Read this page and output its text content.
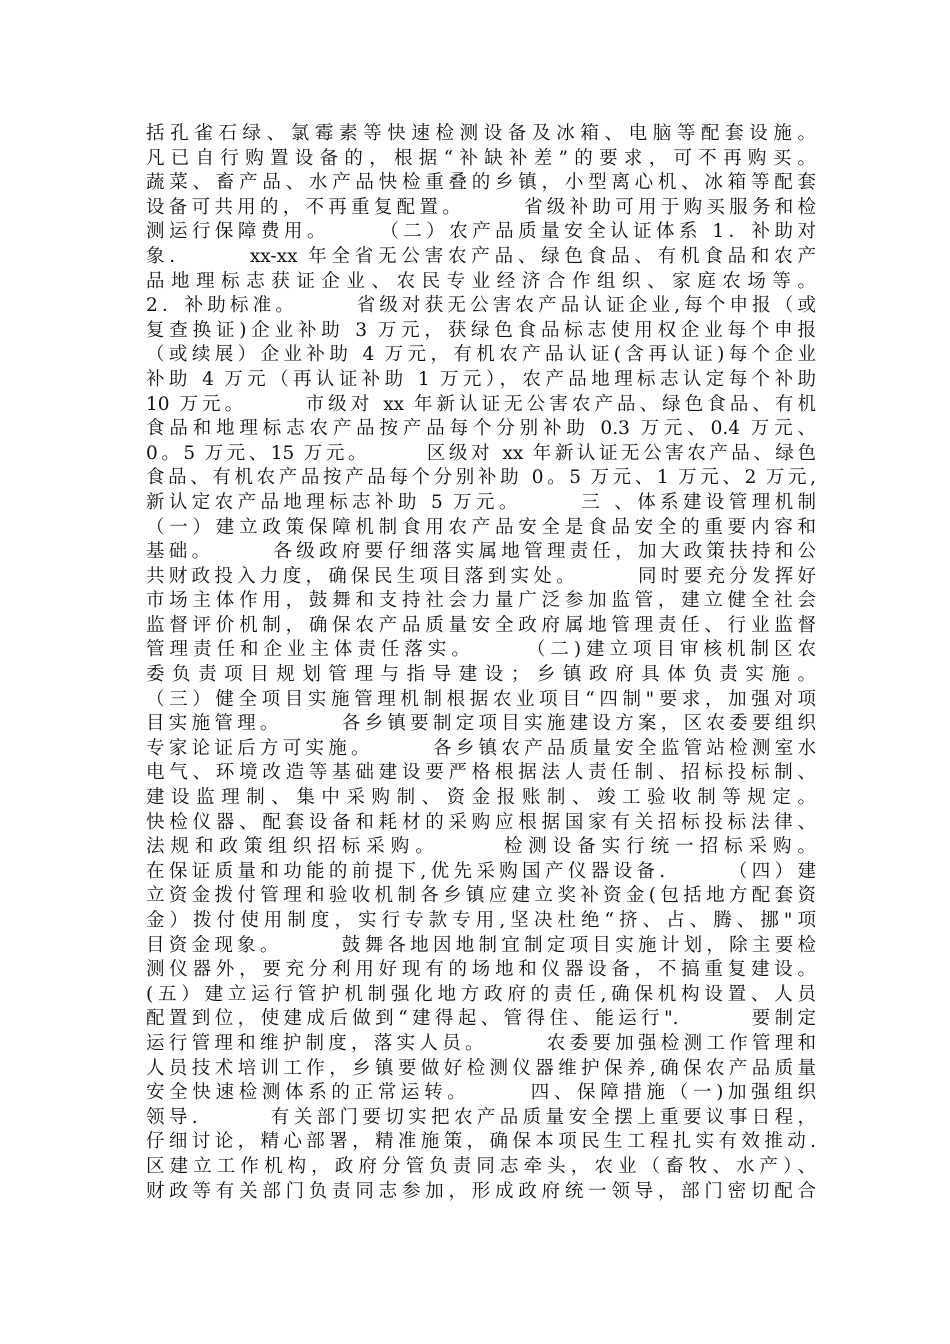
括孔雀石绿、氯霉素等快速检测设备及冰箱、电脑等配套设施。
凡已自行购置设备的，根据“补缺补差”的要求，可不再购买。
蔬菜、畜产品、水产品快检重叠的乡镇，小型离心机、冰箱等配套
设备可共用的，不再重复配置。　　　省级补助可用于购买服务和检
测运行保障费用。　　　（二）农产品质量安全认证体系 1．补助对
象.　　　xx-xx 年全省无公害农产品、绿色食品、有机食品和农产
品地理标志获证企业、农民专业经济合作组织、家庭农场等。
2．补助标准。　　　省级对获无公害农产品认证企业,每个申报（或
复查换证)企业补助 3 万元，获绿色食品标志使用权企业每个申报
（或续展）企业补助 4 万元，有机农产品认证(含再认证)每个企业
补助 4 万元（再认证补助 1 万元），农产品地理标志认定每个补助
10 万元。　　　市级对 xx 年新认证无公害农产品、绿色食品、有机
食品和地理标志农产品按产品每个分别补助 0.3 万元、0.4 万元、
0。5 万元、15 万元。　　　区级对 xx 年新认证无公害农产品、绿色
食品、有机农产品按产品每个分别补助 0。5 万元、1 万元、2 万元,
新认定农产品地理标志补助 5 万元。　　　三 、体系建设管理机制
（一）建立政策保障机制食用农产品安全是食品安全的重要内容和
基础。　　　各级政府要仔细落实属地管理责任，加大政策扶持和公
共财政投入力度，确保民生项目落到实处。　　　同时要充分发挥好
市场主体作用，鼓舞和支持社会力量广泛参加监管，建立健全社会
监督评价机制，确保农产品质量安全政府属地管理责任、行业监督
管理责任和企业主体责任落实。　　　（二)建立项目审核机制区农
委负责项目规划管理与指导建设；乡镇政府具体负责实施。
（三）健全项目实施管理机制根据农业项目“四制"要求，加强对项
目实施管理。　　　各乡镇要制定项目实施建设方案，区农委要组织
专家论证后方可实施。　　　各乡镇农产品质量安全监管站检测室水
电气、环境改造等基础建设要严格根据法人责任制、招标投标制、
建设监理制、集中采购制、资金报账制、竣工验收制等规定。
快检仪器、配套设备和耗材的采购应根据国家有关招标投标法律、
法规和政策组织招标采购。　　　检测设备实行统一招标采购。
在保证质量和功能的前提下,优先采购国产仪器设备.　　　（四）建
立资金拨付管理和验收机制各乡镇应建立奖补资金(包括地方配套资
金）拨付使用制度，实行专款专用,坚决杜绝“挤、占、腾、挪"项
目资金现象。　　　鼓舞各地因地制宜制定项目实施计划，除主要检
测仪器外，要充分利用好现有的场地和仪器设备，不搞重复建设。
(五）建立运行管护机制强化地方政府的责任,确保机构设置、人员
配置到位，使建成后做到“建得起、管得住、能运行".　　　要制定
运行管理和维护制度，落实人员。　　　农委要加强检测工作管理和
人员技术培训工作，乡镇要做好检测仪器维护保养,确保农产品质量
安全快速检测体系的正常运转。　　　四、保障措施（一)加强组织
领导.　　　有关部门要切实把农产品质量安全摆上重要议事日程，
仔细讨论，精心部署，精准施策，确保本项民生工程扎实有效推动.
区建立工作机构，政府分管负责同志牵头，农业（畜牧、水产）、
财政等有关部门负责同志参加，形成政府统一领导，部门密切配合
